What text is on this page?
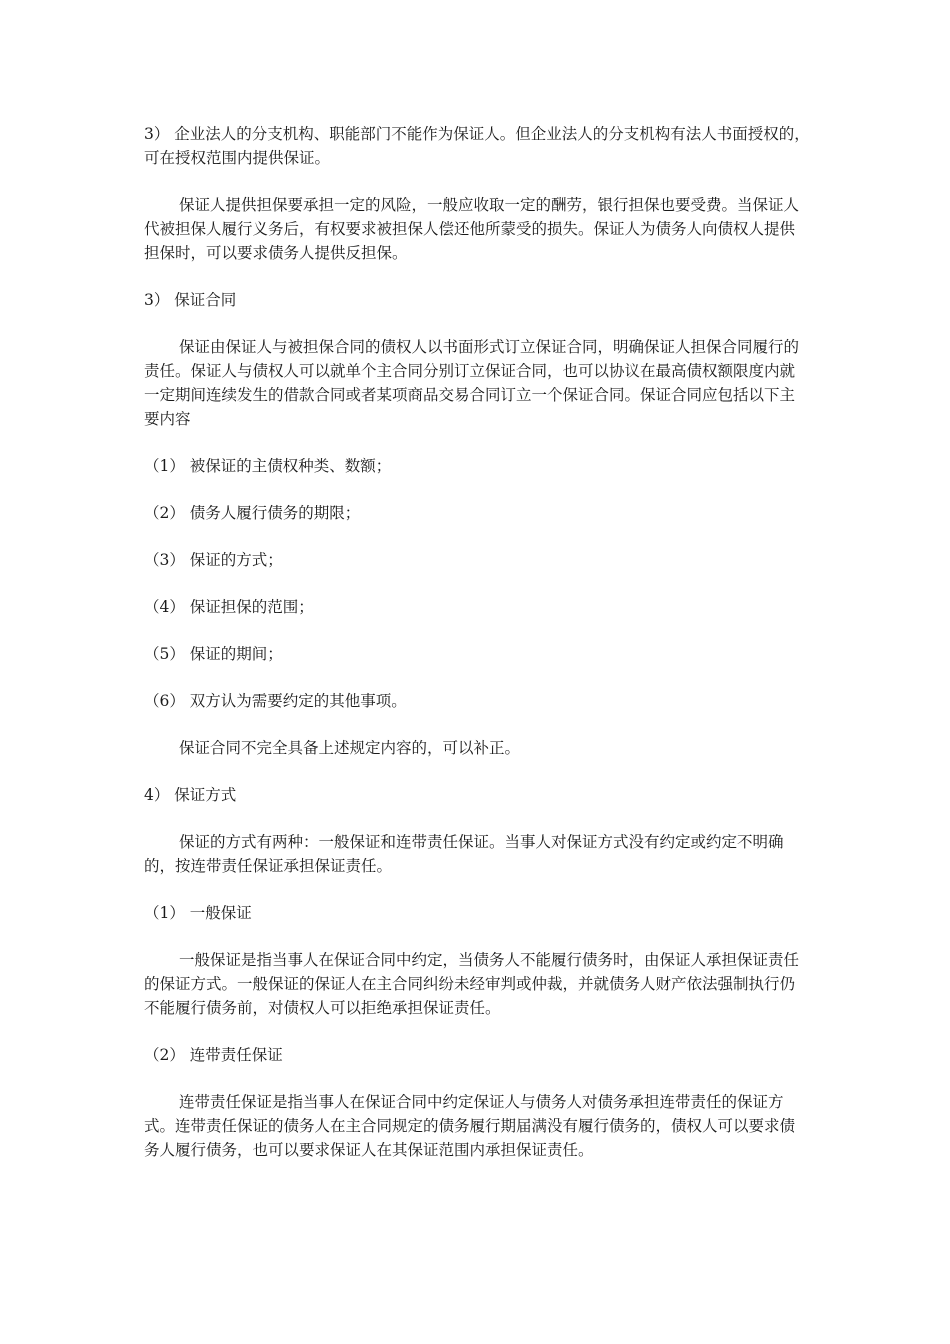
3） 企业法人的分支机构、职能部门不能作为保证人。但企业法人的分支机构有法人书面授权的，可在授权范围内提供保证。

保证人提供担保要承担一定的风险，一般应收取一定的酬劳，银行担保也要受费。当保证人代被担保人履行义务后，有权要求被担保人偿还他所蒙受的损失。保证人为债务人向债权人提供担保时，可以要求债务人提供反担保。

3） 保证合同

保证由保证人与被担保合同的债权人以书面形式订立保证合同，明确保证人担保合同履行的责任。保证人与债权人可以就单个主合同分别订立保证合同，也可以协议在最高债权额限度内就一定期间连续发生的借款合同或者某项商品交易合同订立一个保证合同。保证合同应包括以下主要内容

（1） 被保证的主债权种类、数额；

（2） 债务人履行债务的期限；

（3） 保证的方式；

（4） 保证担保的范围；

（5） 保证的期间；

（6） 双方认为需要约定的其他事项。

保证合同不完全具备上述规定内容的，可以补正。

4） 保证方式

保证的方式有两种：一般保证和连带责任保证。当事人对保证方式没有约定或约定不明确的，按连带责任保证承担保证责任。

（1） 一般保证

一般保证是指当事人在保证合同中约定，当债务人不能履行债务时，由保证人承担保证责任的保证方式。一般保证的保证人在主合同纠纷未经审判或仲裁，并就债务人财产依法强制执行仍不能履行债务前，对债权人可以拒绝承担保证责任。

（2） 连带责任保证

连带责任保证是指当事人在保证合同中约定保证人与债务人对债务承担连带责任的保证方式。连带责任保证的债务人在主合同规定的债务履行期届满没有履行债务的，债权人可以要求债务人履行债务，也可以要求保证人在其保证范围内承担保证责任。
